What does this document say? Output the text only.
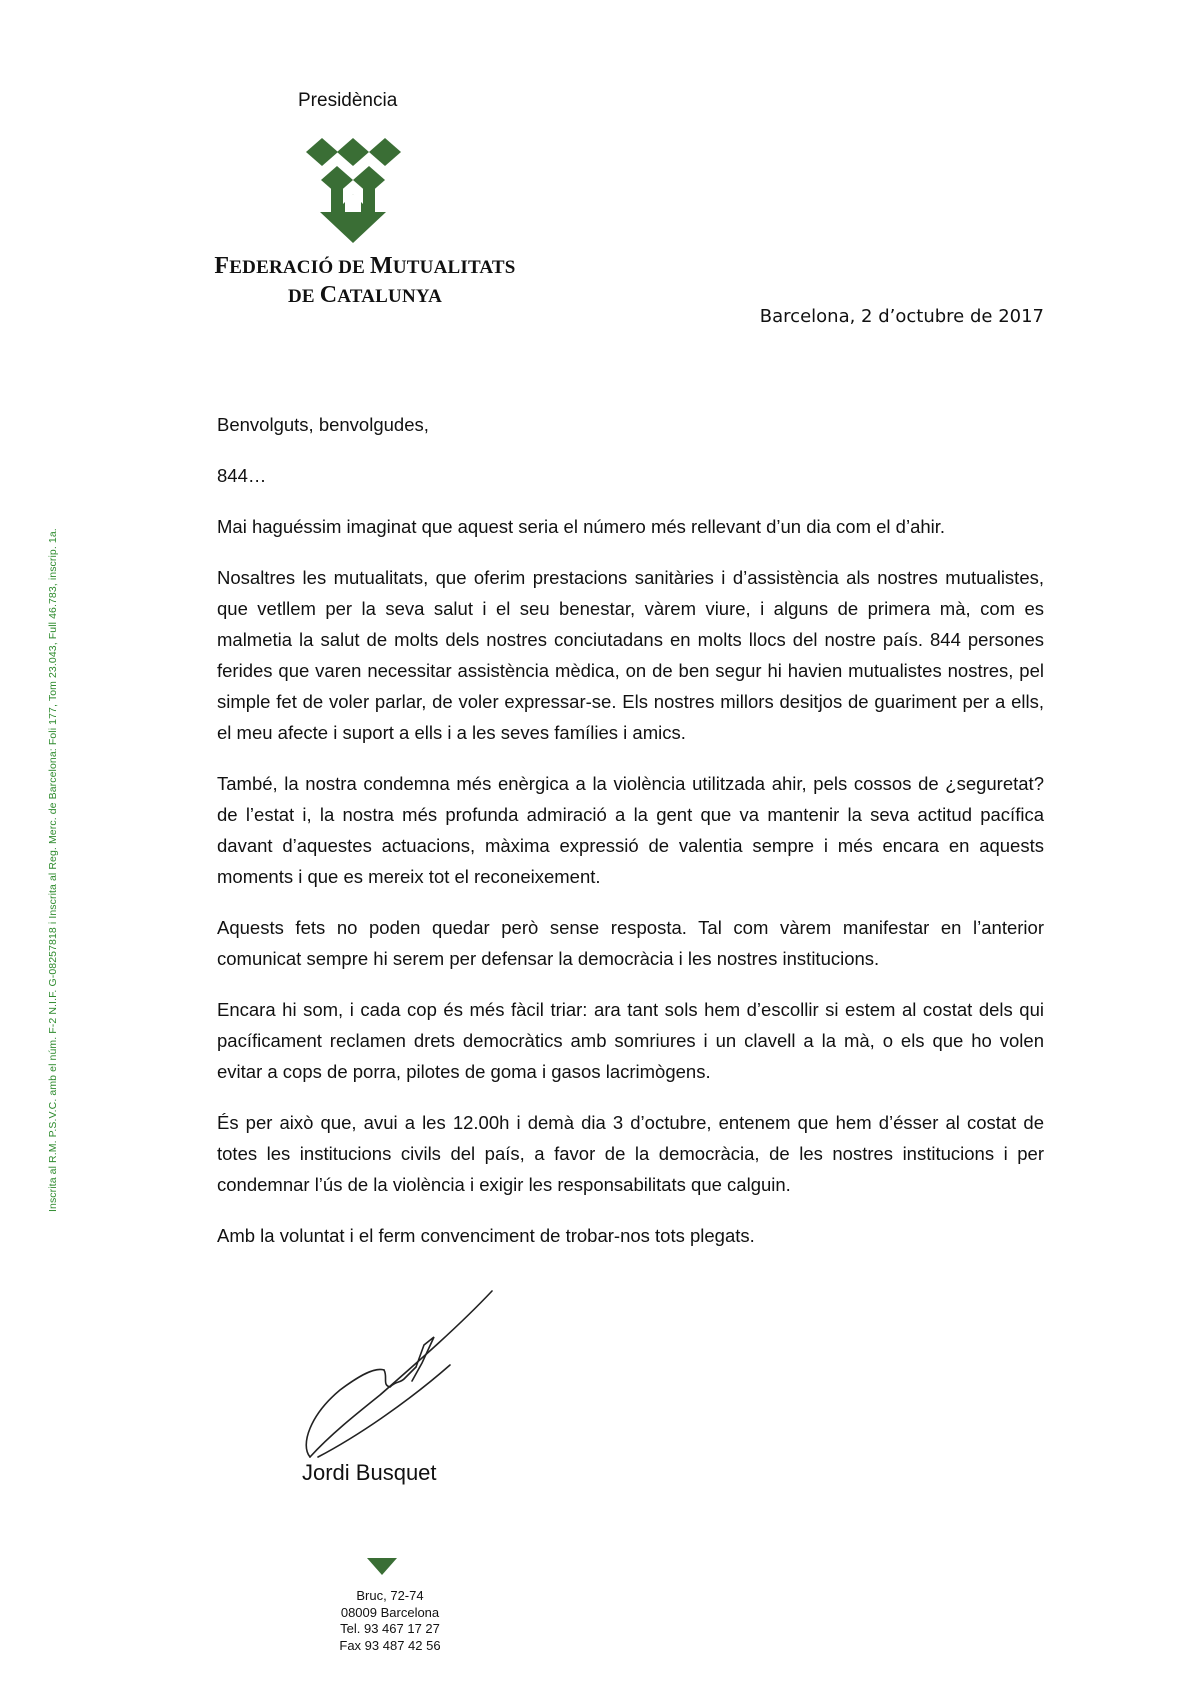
Presidència
FEDERACIÓ DE MUTUALITATS
DE CATALUNYA
Barcelona, 2 d’octubre de 2017
Inscrita al R.M. P.S.V.C. amb el núm. F-2 N.I.F. G-08257818 i Inscrita al Reg. Merc. de Barcelona: Foli 177, Tom 23.043, Full 46.783, inscrip. 1a.

Benvolguts, benvolgudes,

844…

Mai haguéssim imaginat que aquest seria el número més rellevant d’un dia com el d’ahir.

Nosaltres les mutualitats, que oferim prestacions sanitàries i d’assistència als nostres mutualistes, que vetllem per la seva salut i el seu benestar, vàrem viure, i alguns de primera mà, com es malmetia la salut de molts dels nostres conciutadans en molts llocs del nostre país. 844 persones ferides que varen necessitar assistència mèdica, on de ben segur hi havien mutualistes nostres, pel simple fet de voler parlar, de voler expressar-se. Els nostres millors desitjos de guariment per a ells, el meu afecte i suport a ells i a les seves famílies i amics.

També, la nostra condemna més enèrgica a la violència utilitzada ahir, pels cossos de ¿seguretat? de l’estat i, la nostra més profunda admiració a la gent que va mantenir la seva actitud pacífica davant d’aquestes actuacions, màxima expressió de valentia sempre i més encara en aquests moments i que es mereix tot el reconeixement.

Aquests fets no poden quedar però sense resposta. Tal com vàrem manifestar en l’anterior comunicat sempre hi serem per defensar la democràcia i les nostres institucions.

Encara hi som, i cada cop és més fàcil triar: ara tant sols hem d’escollir si estem al costat dels qui pacíficament reclamen drets democràtics amb somriures i un clavell a la mà, o els que ho volen evitar a cops de porra, pilotes de goma i gasos lacrimògens.

És per això que, avui a les 12.00h i demà dia 3 d’octubre, entenem que hem d’ésser al costat de totes les institucions civils del país, a favor de la democràcia, de les nostres institucions i per condemnar l’ús de la violència i exigir les responsabilitats que calguin.

Amb la voluntat i el ferm convenciment de trobar-nos tots plegats.

Jordi Busquet
Bruc, 72-74
08009 Barcelona
Tel. 93 467 17 27
Fax 93 487 42 56
